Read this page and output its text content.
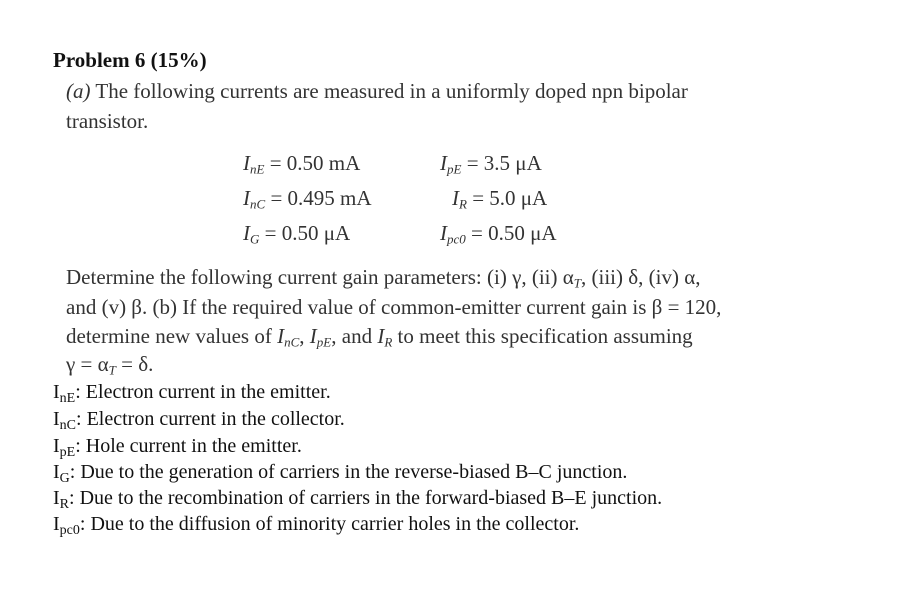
Problem 6 (15%)
(a) The following currents are measured in a uniformly doped npn bipolar
transistor.
$I_{nE} = 0.50$ mA	$I_{pE} = 3.5$ μA
$I_{nC} = 0.495$ mA	$I_R = 5.0$ μA
$I_G = 0.50$ μA	$I_{pc0} = 0.50$ μA
Determine the following current gain parameters: (i) γ, (ii) $\alpha_T$, (iii) δ, (iv) α,
and (v) β. (b) If the required value of common-emitter current gain is β = 120,
determine new values of $I_{nC}$, $I_{pE}$, and $I_R$ to meet this specification assuming
$\gamma = \alpha_T = \delta$.
$I_{nE}$: Electron current in the emitter.
$I_{nC}$: Electron current in the collector.
$I_{pE}$: Hole current in the emitter.
$I_G$: Due to the generation of carriers in the reverse-biased B–C junction.
$I_R$: Due to the recombination of carriers in the forward-biased B–E junction.
$I_{pc0}$: Due to the diffusion of minority carrier holes in the collector.
